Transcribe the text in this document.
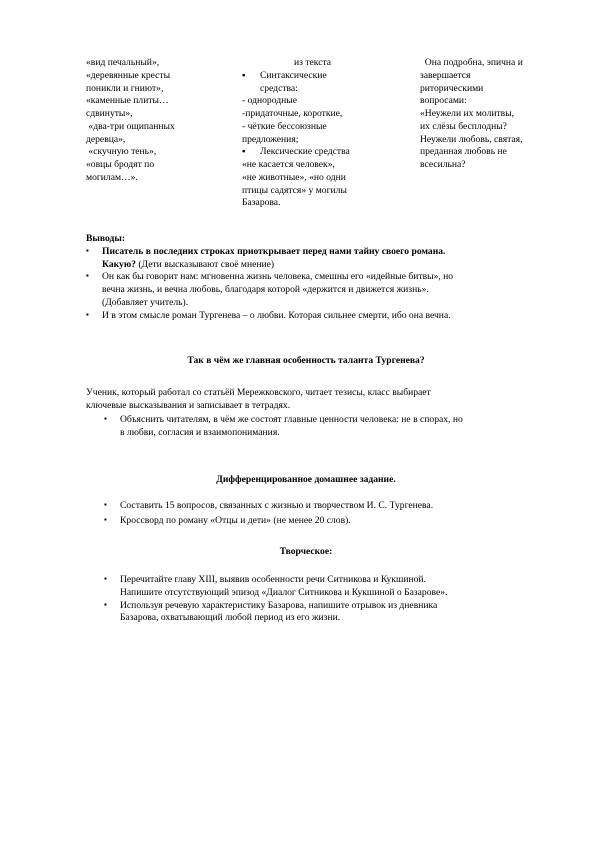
«вид печальный»,
«деревянные кресты
поникли и гниют»,
«каменные плиты…
сдвинуты»,
«два-три ощипанных
деревца»,
«скучную тень»,
«овцы бродят по
могилам…».
из текста
▪ Синтаксические
средства:
- однородные
-придаточные, короткие,
- чёткие бессоюзные
предложения;
▪ Лексические средства
«не касается человек»,
«не животные», «но одни
птицы садятся» у могилы
Базарова.
Она подробна, эпична и
завершается
риторическими
вопросами:
«Неужели их молитвы,
их слёзы бесплодны?
Неужели любовь, святая,
преданная любовь не
всесильна?
Выводы:
▪ Писатель в последних строках приоткрывает перед нами тайну своего романа.
Какую? (Дети высказывают своё мнение)
▪ Он как бы говорит нам: мгновенна жизнь человека, смешны его «идейные битвы», но
вечна жизнь, и вечна любовь, благодаря которой «держится и движется жизнь».
(Добавляет учитель).
▪ И в этом смысле роман Тургенева – о любви. Которая сильнее смерти, ибо она вечна.
Так в чём же главная особенность таланта Тургенева?
Ученик, который работал со статьёй Мережковского, читает тезисы, класс выбирает
ключевые высказывания и записывает в тетрадях.
▪ Объяснить читателям, в чём же состоят главные ценности человека: не в спорах, но
в любви, согласия и взаимопонимания.
Дифференцированное домашнее задание.
▪ Составить 15 вопросов, связанных с жизнью и творчеством И. С. Тургенева.
▪ Кроссворд по роману «Отцы и дети» (не менее 20 слов).
Творческое:
▪ Перечитайте главу XIII, выявив особенности речи Ситникова и Кукшиной.
Напишите отсутствующий эпизод «Диалог Ситникова и Кукшиной о Базарове».
▪ Используя речевую характеристику Базарова, напишите отрывок из дневника
Базарова, охватывающий любой период из его жизни.
